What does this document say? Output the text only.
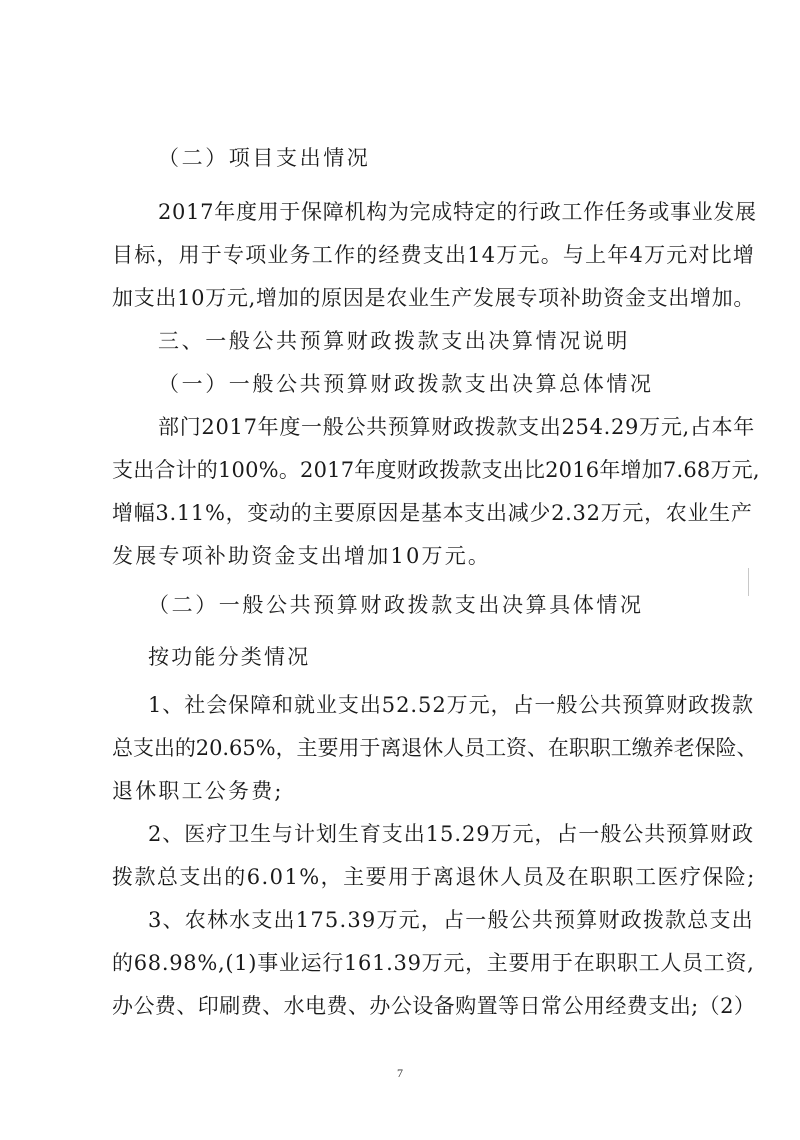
（二）项目支出情况
2017年度用于保障机构为完成特定的行政工作任务或事业发展
目标，用于专项业务工作的经费支出14万元。与上年4万元对比增
加支出10万元,增加的原因是农业生产发展专项补助资金支出增加。
三、一般公共预算财政拨款支出决算情况说明
（一）一般公共预算财政拨款支出决算总体情况
部门2017年度一般公共预算财政拨款支出254.29万元,占本年
支出合计的100%。2017年度财政拨款支出比2016年增加7.68万元,
增幅3.11%，变动的主要原因是基本支出减少2.32万元，农业生产
发展专项补助资金支出增加10万元。
（二）一般公共预算财政拨款支出决算具体情况
按功能分类情况
1、社会保障和就业支出52.52万元，占一般公共预算财政拨款
总支出的20.65%，主要用于离退休人员工资、在职职工缴养老保险、
退休职工公务费;
2、医疗卫生与计划生育支出15.29万元，占一般公共预算财政
拨款总支出的6.01%，主要用于离退休人员及在职职工医疗保险;
3、农林水支出175.39万元，占一般公共预算财政拨款总支出
的68.98%,(1)事业运行161.39万元，主要用于在职职工人员工资,
办公费、印刷费、水电费、办公设备购置等日常公用经费支出;（2）
7
